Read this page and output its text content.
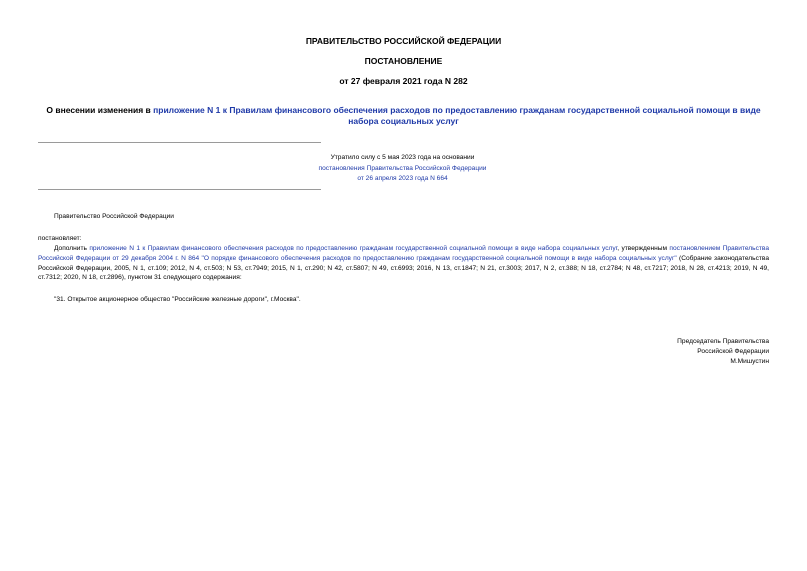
ПРАВИТЕЛЬСТВО РОССИЙСКОЙ ФЕДЕРАЦИИ
ПОСТАНОВЛЕНИЕ
от 27 февраля 2021 года N 282
О внесении изменения в приложение N 1 к Правилам финансового обеспечения расходов по предоставлению гражданам государственной социальной помощи в виде набора социальных услуг
Утратило силу с 5 мая 2023 года на основании
постановления Правительства Российской Федерации
от 26 апреля 2023 года N 664
Правительство Российской Федерации
постановляет:
Дополнить приложение N 1 к Правилам финансового обеспечения расходов по предоставлению гражданам государственной социальной помощи в виде набора социальных услуг, утвержденным постановлением Правительства Российской Федерации от 29 декабря 2004 г. N 864 "О порядке финансового обеспечения расходов по предоставлению гражданам государственной социальной помощи в виде набора социальных услуг" (Собрание законодательства Российской Федерации, 2005, N 1, ст.109; 2012, N 4, ст.503; N 53, ст.7949; 2015, N 1, ст.290; N 42, ст.5807; N 49, ст.6993; 2016, N 13, ст.1847; N 21, ст.3003; 2017, N 2, ст.388; N 18, ст.2784; N 48, ст.7217; 2018, N 28, ст.4213; 2019, N 49, ст.7312; 2020, N 18, ст.2896), пунктом 31 следующего содержания:
"31. Открытое акционерное общество "Российские железные дороги", г.Москва".
Председатель Правительства
Российской Федерации
М.Мишустин
